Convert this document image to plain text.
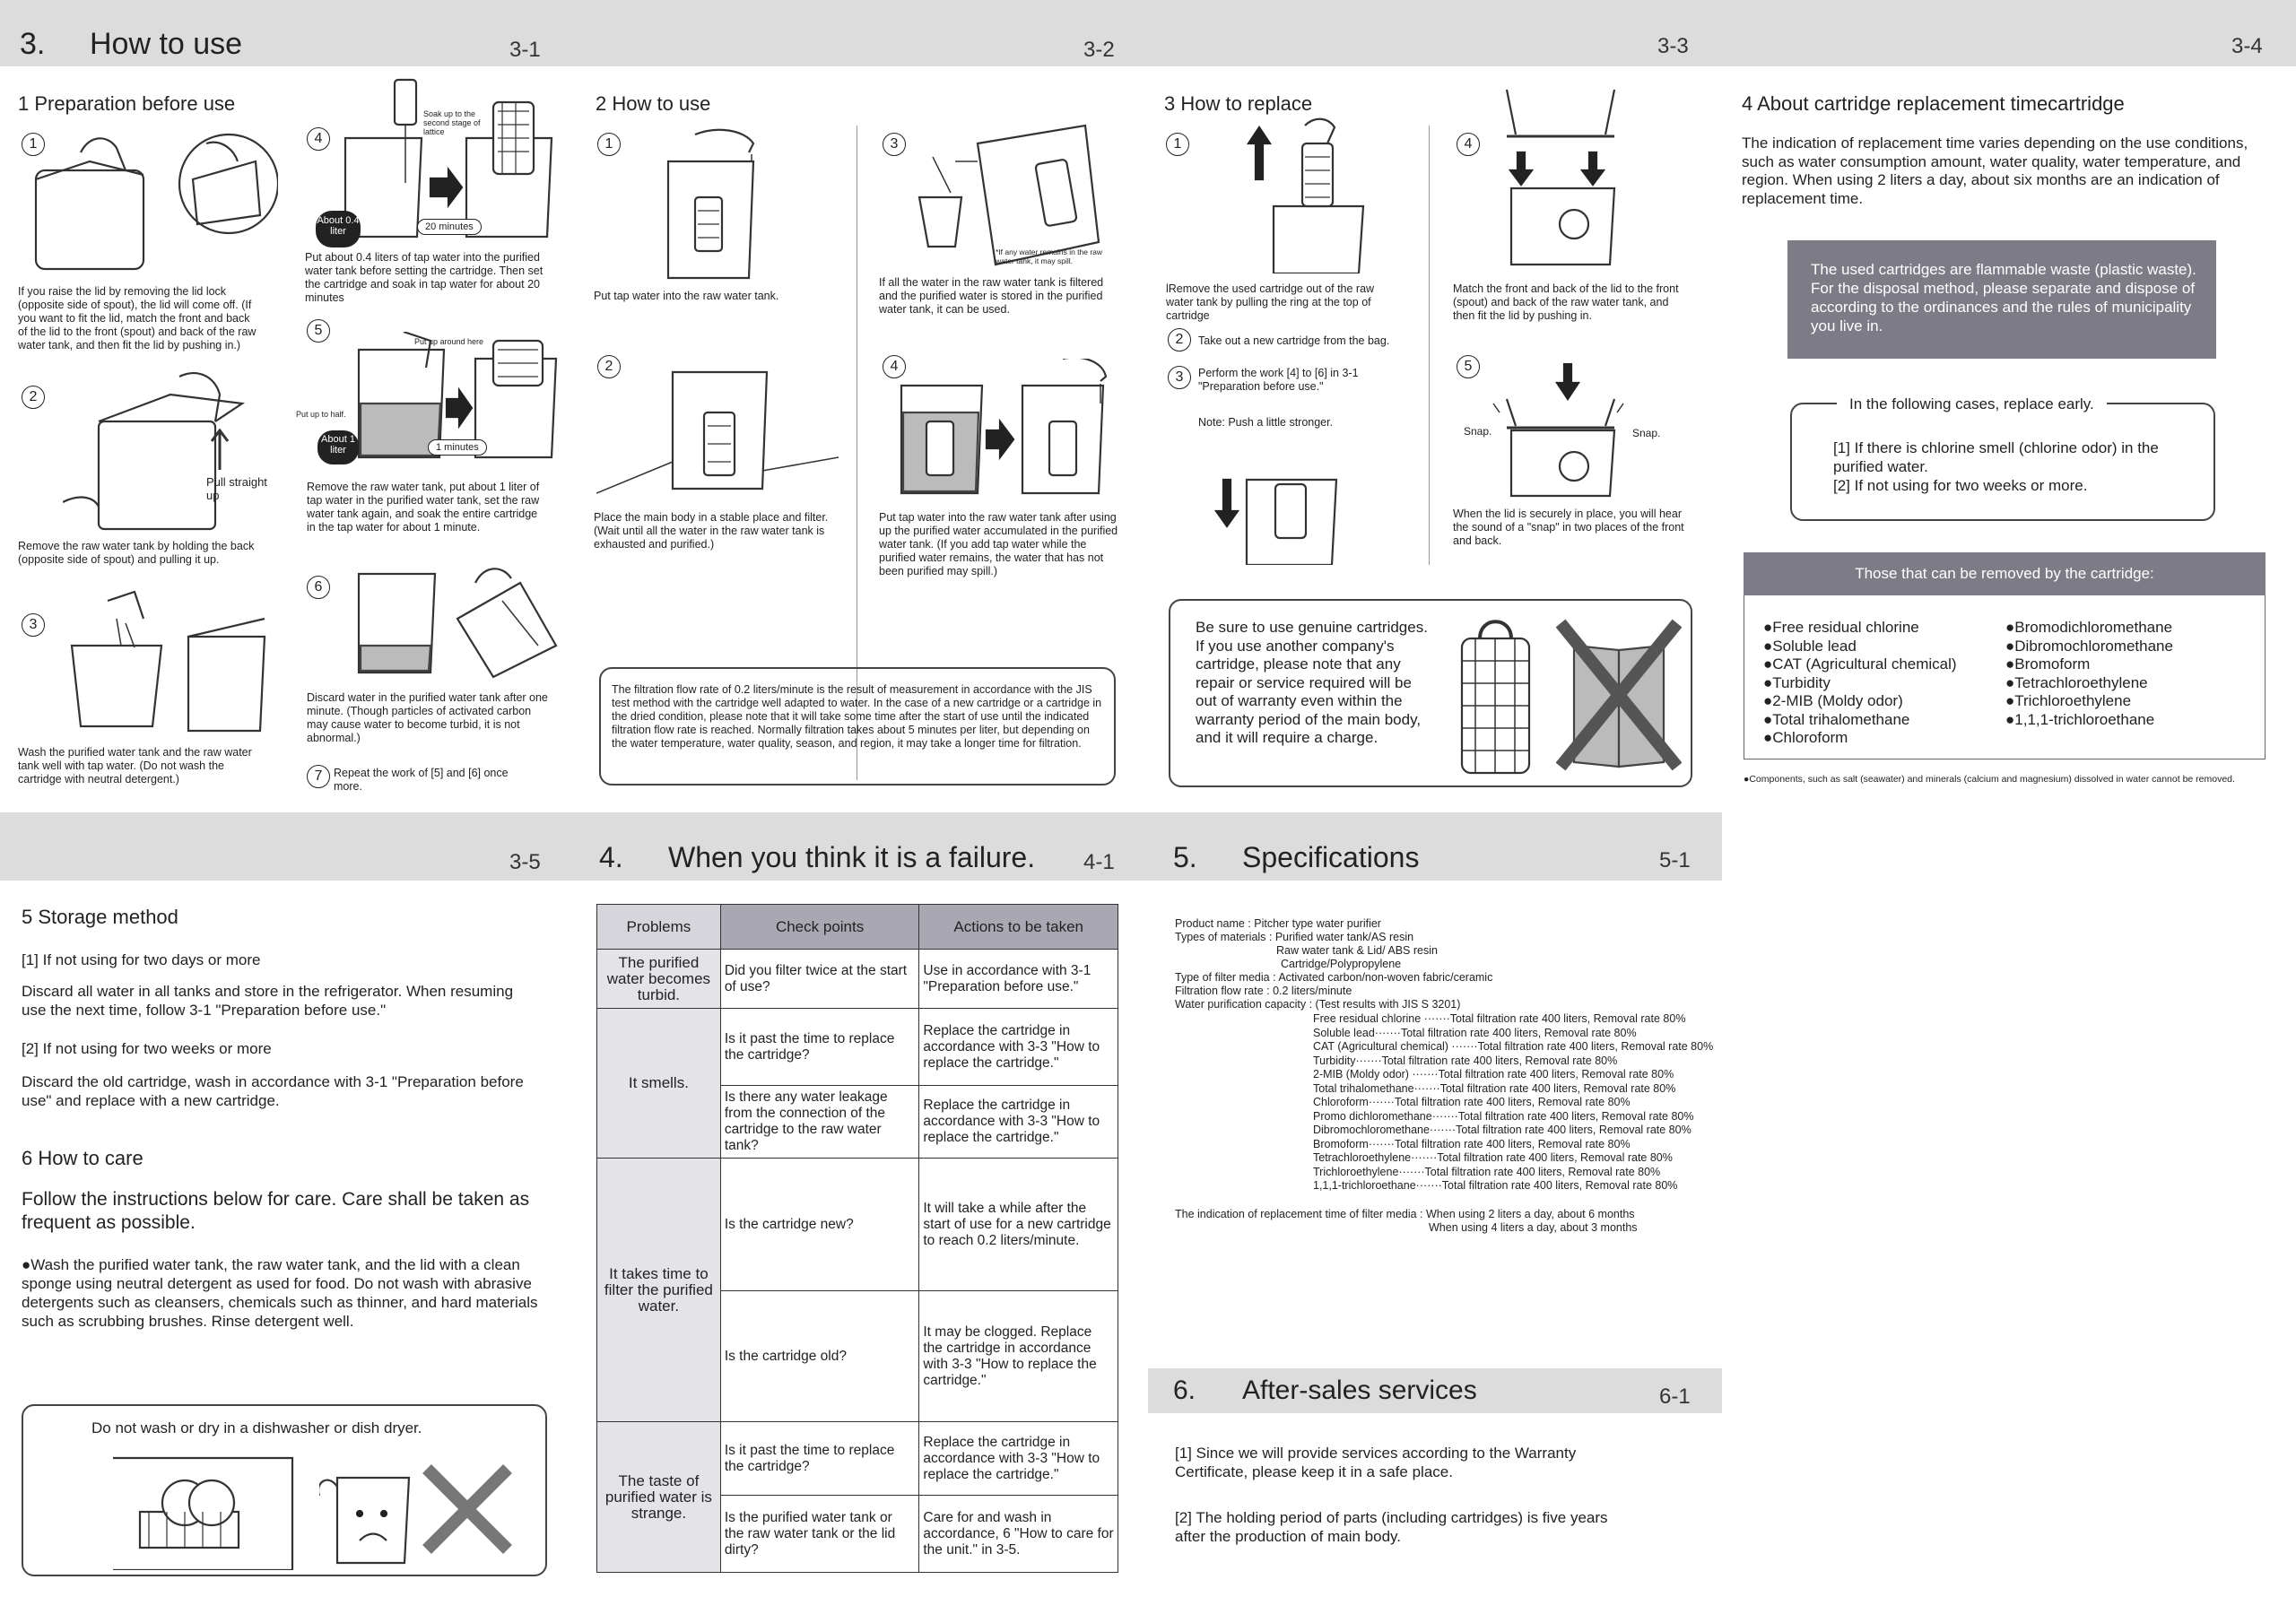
3. How to use	3-1	3-2	3-3	3-4
1 Preparation before use
1
If you raise the lid by removing the lid lock (opposite side of spout), the lid will come off. (If you want to fit the lid, match the front and back of the lid to the front (spout) and back of the raw water tank, and then fit the lid by pushing in.)
2
Pull straight up
Remove the raw water tank by holding the back (opposite side of spout) and pulling it up.
3
Wash the purified water tank and the raw water tank well with tap water. (Do not wash the cartridge with neutral detergent.)
4
Soak up to the second stage of lattice
About 0.4 liter	20 minutes
Put about 0.4 liters of tap water into the purified water tank before setting the cartridge. Then set the cartridge and soak in tap water for about 20 minutes
5
Put up around here
Put up to half.
About 1 liter	1 minutes
Remove the raw water tank, put about 1 liter of tap water in the purified water tank, set the raw water tank again, and soak the entire cartridge in the tap water for about 1 minute.
6
Discard water in the purified water tank after one minute. (Though particles of activated carbon may cause water to become turbid, it is not abnormal.)
7	Repeat the work of [5] and [6] once more.
2 How to use
1
Put tap water into the raw water tank.
2
Place the main body in a stable place and filter. (Wait until all the water in the raw water tank is exhausted and purified.)
3
*If any water remains in the raw water tank, it may spill.
If all the water in the raw water tank is filtered and the purified water is stored in the purified water tank, it can be used.
4
Put tap water into the raw water tank after using up the purified water accumulated in the purified water tank. (If you add tap water while the purified water remains, the water that has not been purified may spill.)
The filtration flow rate of 0.2 liters/minute is the result of measurement in accordance with the JIS test method with the cartridge well adapted to water. In the case of a new cartridge or a cartridge in the dried condition, please note that it will take some time after the start of use until the indicated filtration flow rate is reached. Normally filtration takes about 5 minutes per liter, but depending on the water temperature, water quality, season, and region, it may take a longer time for filtration.
3 How to replace
1
lRemove the used cartridge out of the raw water tank by pulling the ring at the top of cartridge
2	Take out a new cartridge from the bag.
3	Perform the work [4] to [6] in 3-1 "Preparation before use."
Note: Push a little stronger.
4
Match the front and back of the lid to the front (spout) and back of the raw water tank, and then fit the lid by pushing in.
5
Snap.	Snap.
When the lid is securely in place, you will hear the sound of a "snap" in two places of the front and back.
Be sure to use genuine cartridges. If you use another company's cartridge, please note that any repair or service required will be out of warranty even within the warranty period of the main body, and it will require a charge.
4 About cartridge replacement timecartridge
The indication of replacement time varies depending on the use conditions, such as water consumption amount, water quality, water temperature, and region. When using 2 liters a day, about six months are an indication of replacement time.
The used cartridges are flammable waste (plastic waste). For the disposal method, please separate and dispose of according to the ordinances and the rules of municipality you live in.
In the following cases, replace early.
[1] If there is chlorine smell (chlorine odor) in the purified water.
[2] If not using for two weeks or more.
Those that can be removed by the cartridge:
●Free residual chlorine
●Soluble lead
●CAT (Agricultural chemical)
●Turbidity
●2-MIB (Moldy odor)
●Total trihalomethane
●Chloroform
●Bromodichloromethane
●Dibromochloromethane
●Bromoform
●Tetrachloroethylene
●Trichloroethylene
●1,1,1-trichloroethane
●Components, such as salt (seawater) and minerals (calcium and magnesium) dissolved in water cannot be removed.
3-5 4. When you think it is a failure. 4-1 5. Specifications	5-1
5 Storage method
[1] If not using for two days or more
Discard all water in all tanks and store in the refrigerator. When resuming use the next time, follow 3-1 "Preparation before use."
[2] If not using for two weeks or more
Discard the old cartridge, wash in accordance with 3-1 "Preparation before use" and replace with a new cartridge.
6 How to care
Follow the instructions below for care. Care shall be taken as frequent as possible.
●Wash the purified water tank, the raw water tank, and the lid with a clean sponge using neutral detergent as used for food. Do not wash with abrasive detergents such as cleansers, chemicals such as thinner, and hard materials such as scrubbing brushes. Rinse detergent well.
Do not wash or dry in a dishwasher or dish dryer.
Problems	Check points	Actions to be taken
The purified water becomes turbid.	Did you filter twice at the start of use?	Use in accordance with 3-1 "Preparation before use."
It smells.	Is it past the time to replace the cartridge?	Replace the cartridge in accordance with 3-3 "How to replace the cartridge."
	Is there any water leakage from the connection of the cartridge to the raw water tank?	Replace the cartridge in accordance with 3-3 "How to replace the cartridge."
It takes time to filter the purified water.	Is the cartridge new?	It will take a while after the start of use for a new cartridge to reach 0.2 liters/minute.
	Is the cartridge old?	It may be clogged. Replace the cartridge in accordance with 3-3 "How to replace the cartridge."
The taste of purified water is strange.	Is it past the time to replace the cartridge?	Replace the cartridge in accordance with 3-3 "How to replace the cartridge."
	Is the purified water tank or the raw water tank or the lid dirty?	Care for and wash in accordance, 6 "How to care for the unit." in 3-5.
Product name : Pitcher type water purifier
Types of materials : Purified water tank/AS resin
Raw water tank & Lid/ ABS resin
Cartridge/Polypropylene
Type of filter media : Activated carbon/non-woven fabric/ceramic
Filtration flow rate : 0.2 liters/minute
Water purification capacity : (Test results with JIS S 3201)
Free residual chlorine ·······Total filtration rate 400 liters, Removal rate 80%
Soluble lead·······Total filtration rate 400 liters, Removal rate 80%
CAT (Agricultural chemical) ·······Total filtration rate 400 liters, Removal rate 80%
Turbidity·······Total filtration rate 400 liters, Removal rate 80%
2-MIB (Moldy odor) ·······Total filtration rate 400 liters, Removal rate 80%
Total trihalomethane·······Total filtration rate 400 liters, Removal rate 80%
Chloroform·······Total filtration rate 400 liters, Removal rate 80%
Promo dichloromethane·······Total filtration rate 400 liters, Removal rate 80%
Dibromochloromethane·······Total filtration rate 400 liters, Removal rate 80%
Bromoform·······Total filtration rate 400 liters, Removal rate 80%
Tetrachloroethylene·······Total filtration rate 400 liters, Removal rate 80%
Trichloroethylene·······Total filtration rate 400 liters, Removal rate 80%
1,1,1-trichloroethane·······Total filtration rate 400 liters, Removal rate 80%
The indication of replacement time of filter media : When using 2 liters a day, about 6 months
When using 4 liters a day, about 3 months
6. After-sales services	6-1
[1] Since we will provide services according to the Warranty Certificate, please keep it in a safe place.
[2] The holding period of parts (including cartridges) is five years after the production of main body.
